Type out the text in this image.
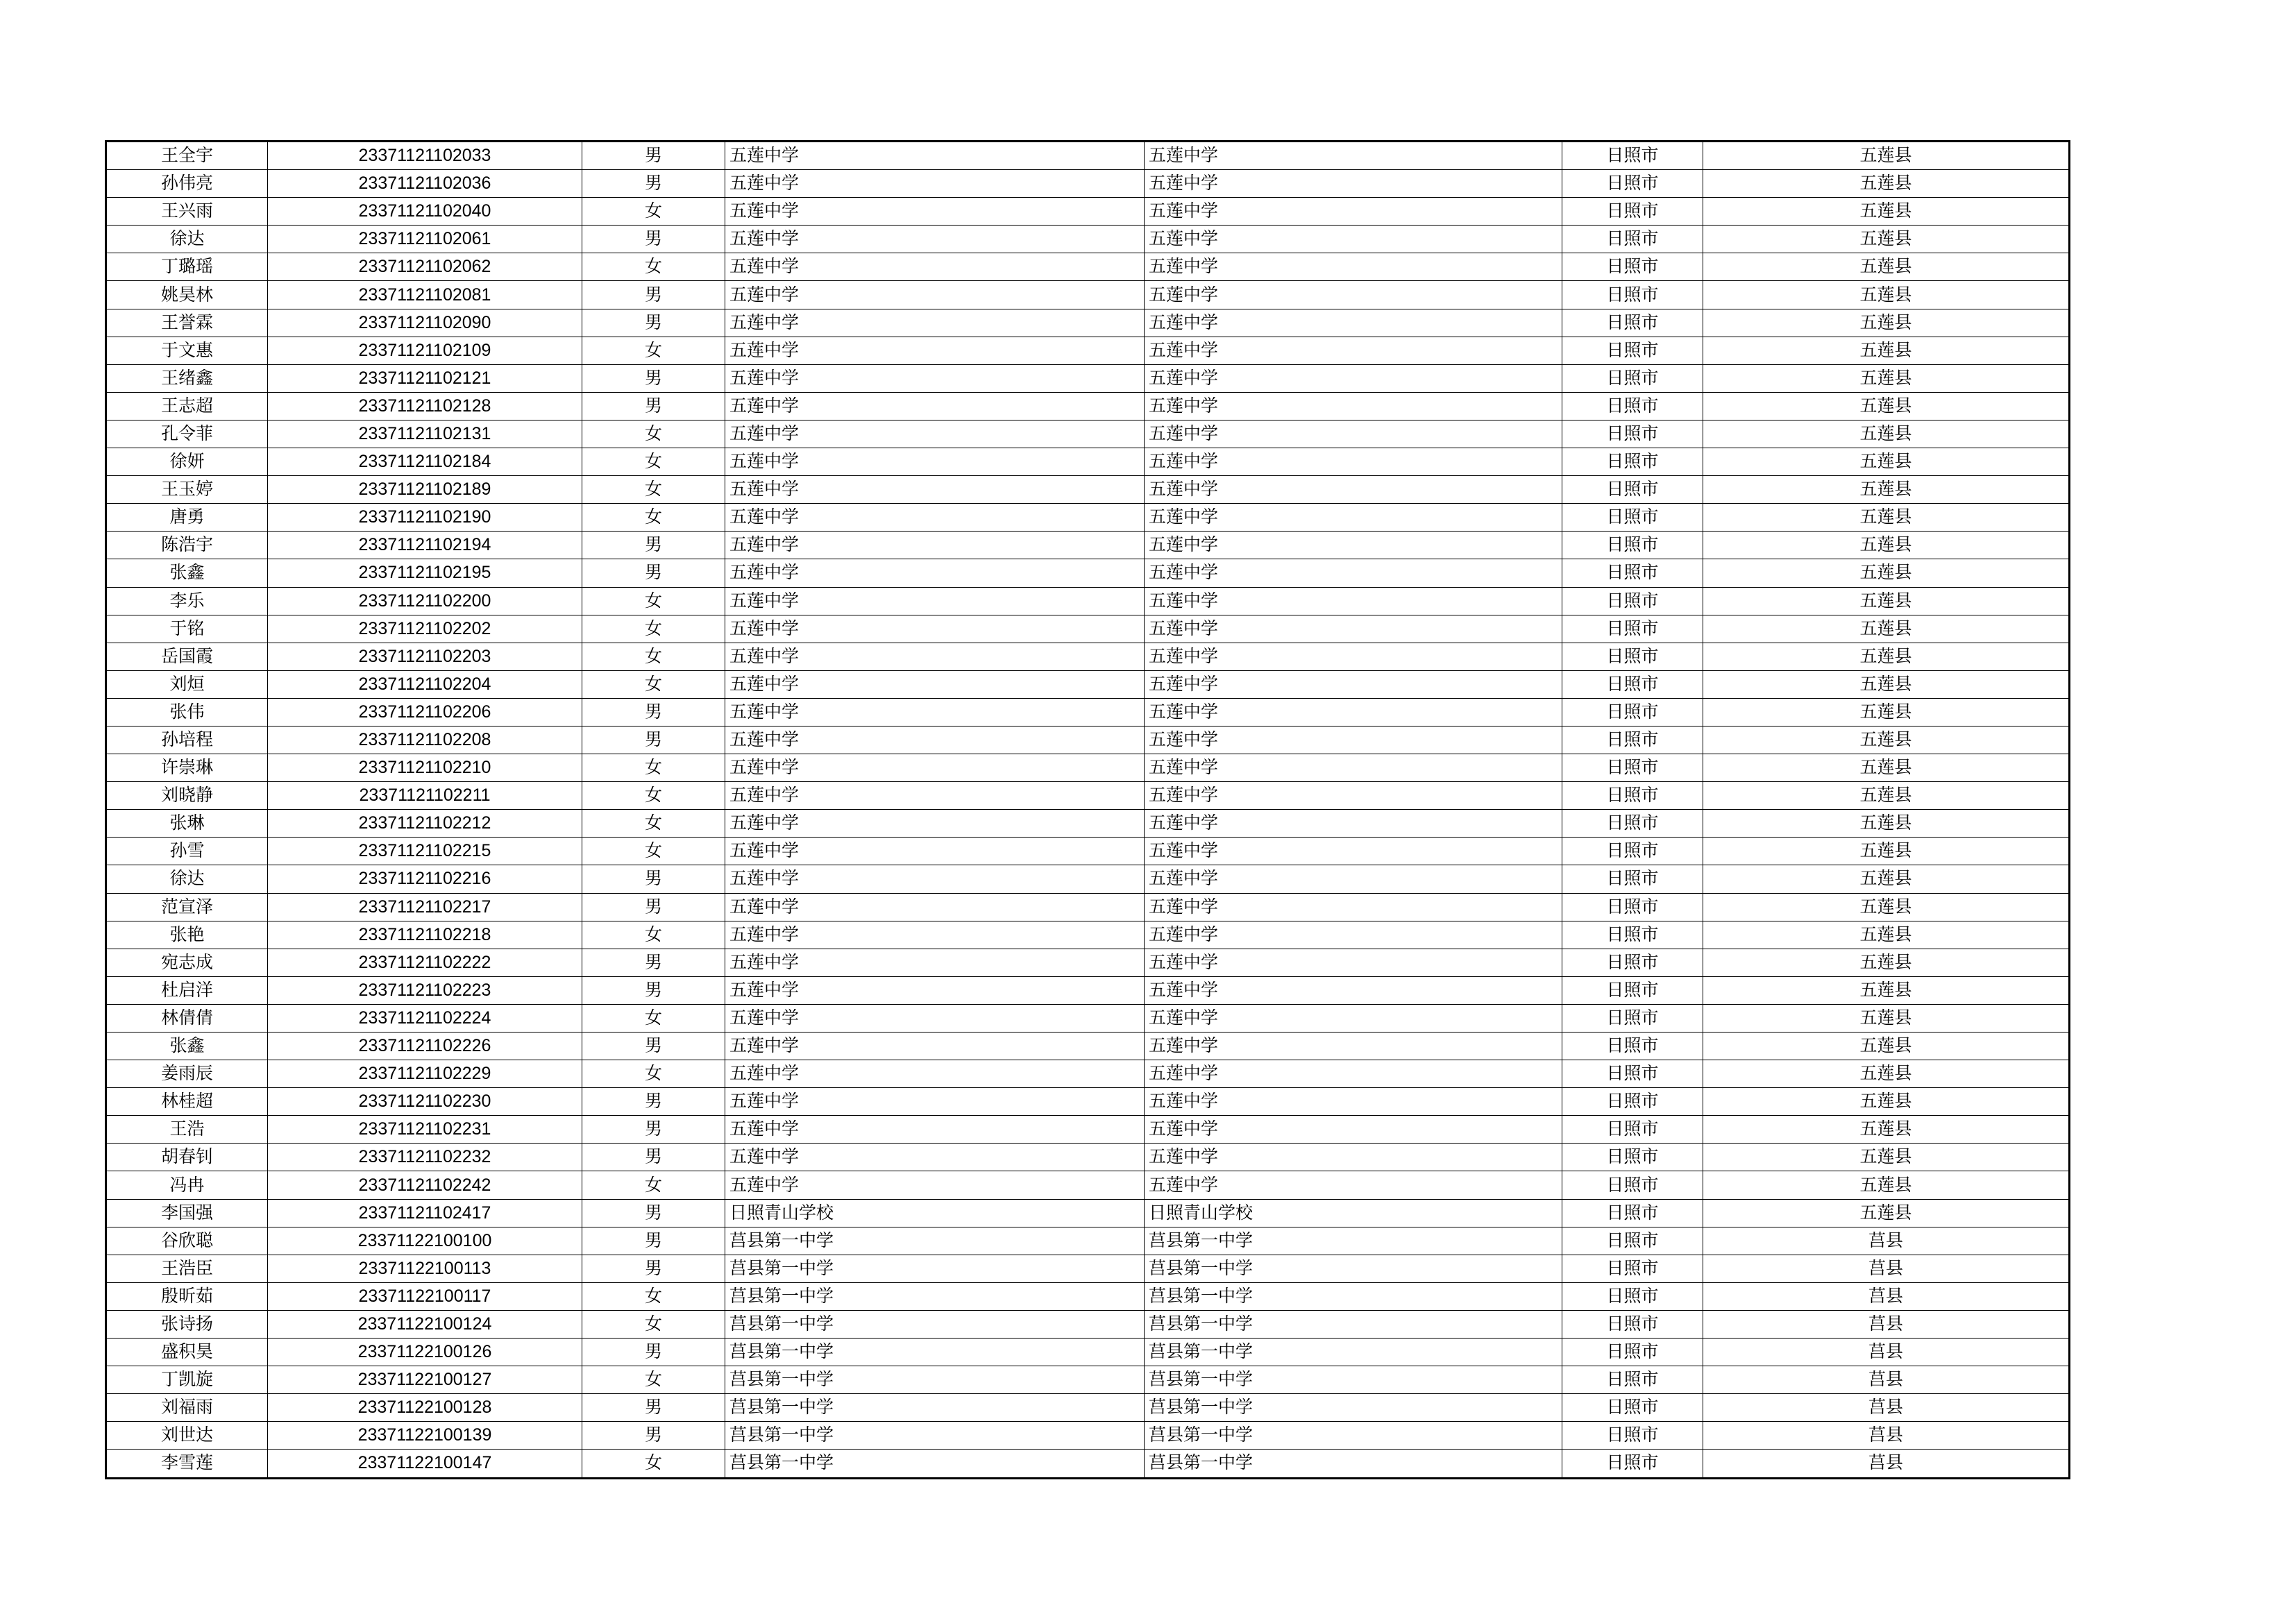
王全宇	23371121102033	男	五莲中学	五莲中学	日照市	五莲县
孙伟亮	23371121102036	男	五莲中学	五莲中学	日照市	五莲县
王兴雨	23371121102040	女	五莲中学	五莲中学	日照市	五莲县
徐达	23371121102061	男	五莲中学	五莲中学	日照市	五莲县
丁璐瑶	23371121102062	女	五莲中学	五莲中学	日照市	五莲县
姚昊林	23371121102081	男	五莲中学	五莲中学	日照市	五莲县
王誉霖	23371121102090	男	五莲中学	五莲中学	日照市	五莲县
于文惠	23371121102109	女	五莲中学	五莲中学	日照市	五莲县
王绪鑫	23371121102121	男	五莲中学	五莲中学	日照市	五莲县
王志超	23371121102128	男	五莲中学	五莲中学	日照市	五莲县
孔令菲	23371121102131	女	五莲中学	五莲中学	日照市	五莲县
徐妍	23371121102184	女	五莲中学	五莲中学	日照市	五莲县
王玉婷	23371121102189	女	五莲中学	五莲中学	日照市	五莲县
唐勇	23371121102190	女	五莲中学	五莲中学	日照市	五莲县
陈浩宇	23371121102194	男	五莲中学	五莲中学	日照市	五莲县
张鑫	23371121102195	男	五莲中学	五莲中学	日照市	五莲县
李乐	23371121102200	女	五莲中学	五莲中学	日照市	五莲县
于铭	23371121102202	女	五莲中学	五莲中学	日照市	五莲县
岳国霞	23371121102203	女	五莲中学	五莲中学	日照市	五莲县
刘烜	23371121102204	女	五莲中学	五莲中学	日照市	五莲县
张伟	23371121102206	男	五莲中学	五莲中学	日照市	五莲县
孙培程	23371121102208	男	五莲中学	五莲中学	日照市	五莲县
许崇琳	23371121102210	女	五莲中学	五莲中学	日照市	五莲县
刘晓静	23371121102211	女	五莲中学	五莲中学	日照市	五莲县
张琳	23371121102212	女	五莲中学	五莲中学	日照市	五莲县
孙雪	23371121102215	女	五莲中学	五莲中学	日照市	五莲县
徐达	23371121102216	男	五莲中学	五莲中学	日照市	五莲县
范宣泽	23371121102217	男	五莲中学	五莲中学	日照市	五莲县
张艳	23371121102218	女	五莲中学	五莲中学	日照市	五莲县
宛志成	23371121102222	男	五莲中学	五莲中学	日照市	五莲县
杜启洋	23371121102223	男	五莲中学	五莲中学	日照市	五莲县
林倩倩	23371121102224	女	五莲中学	五莲中学	日照市	五莲县
张鑫	23371121102226	男	五莲中学	五莲中学	日照市	五莲县
姜雨辰	23371121102229	女	五莲中学	五莲中学	日照市	五莲县
林桂超	23371121102230	男	五莲中学	五莲中学	日照市	五莲县
王浩	23371121102231	男	五莲中学	五莲中学	日照市	五莲县
胡春钊	23371121102232	男	五莲中学	五莲中学	日照市	五莲县
冯冉	23371121102242	女	五莲中学	五莲中学	日照市	五莲县
李国强	23371121102417	男	日照青山学校	日照青山学校	日照市	五莲县
谷欣聪	23371122100100	男	莒县第一中学	莒县第一中学	日照市	莒县
王浩臣	23371122100113	男	莒县第一中学	莒县第一中学	日照市	莒县
殷昕茹	23371122100117	女	莒县第一中学	莒县第一中学	日照市	莒县
张诗扬	23371122100124	女	莒县第一中学	莒县第一中学	日照市	莒县
盛积昊	23371122100126	男	莒县第一中学	莒县第一中学	日照市	莒县
丁凯旋	23371122100127	女	莒县第一中学	莒县第一中学	日照市	莒县
刘福雨	23371122100128	男	莒县第一中学	莒县第一中学	日照市	莒县
刘世达	23371122100139	男	莒县第一中学	莒县第一中学	日照市	莒县
李雪莲	23371122100147	女	莒县第一中学	莒县第一中学	日照市	莒县
